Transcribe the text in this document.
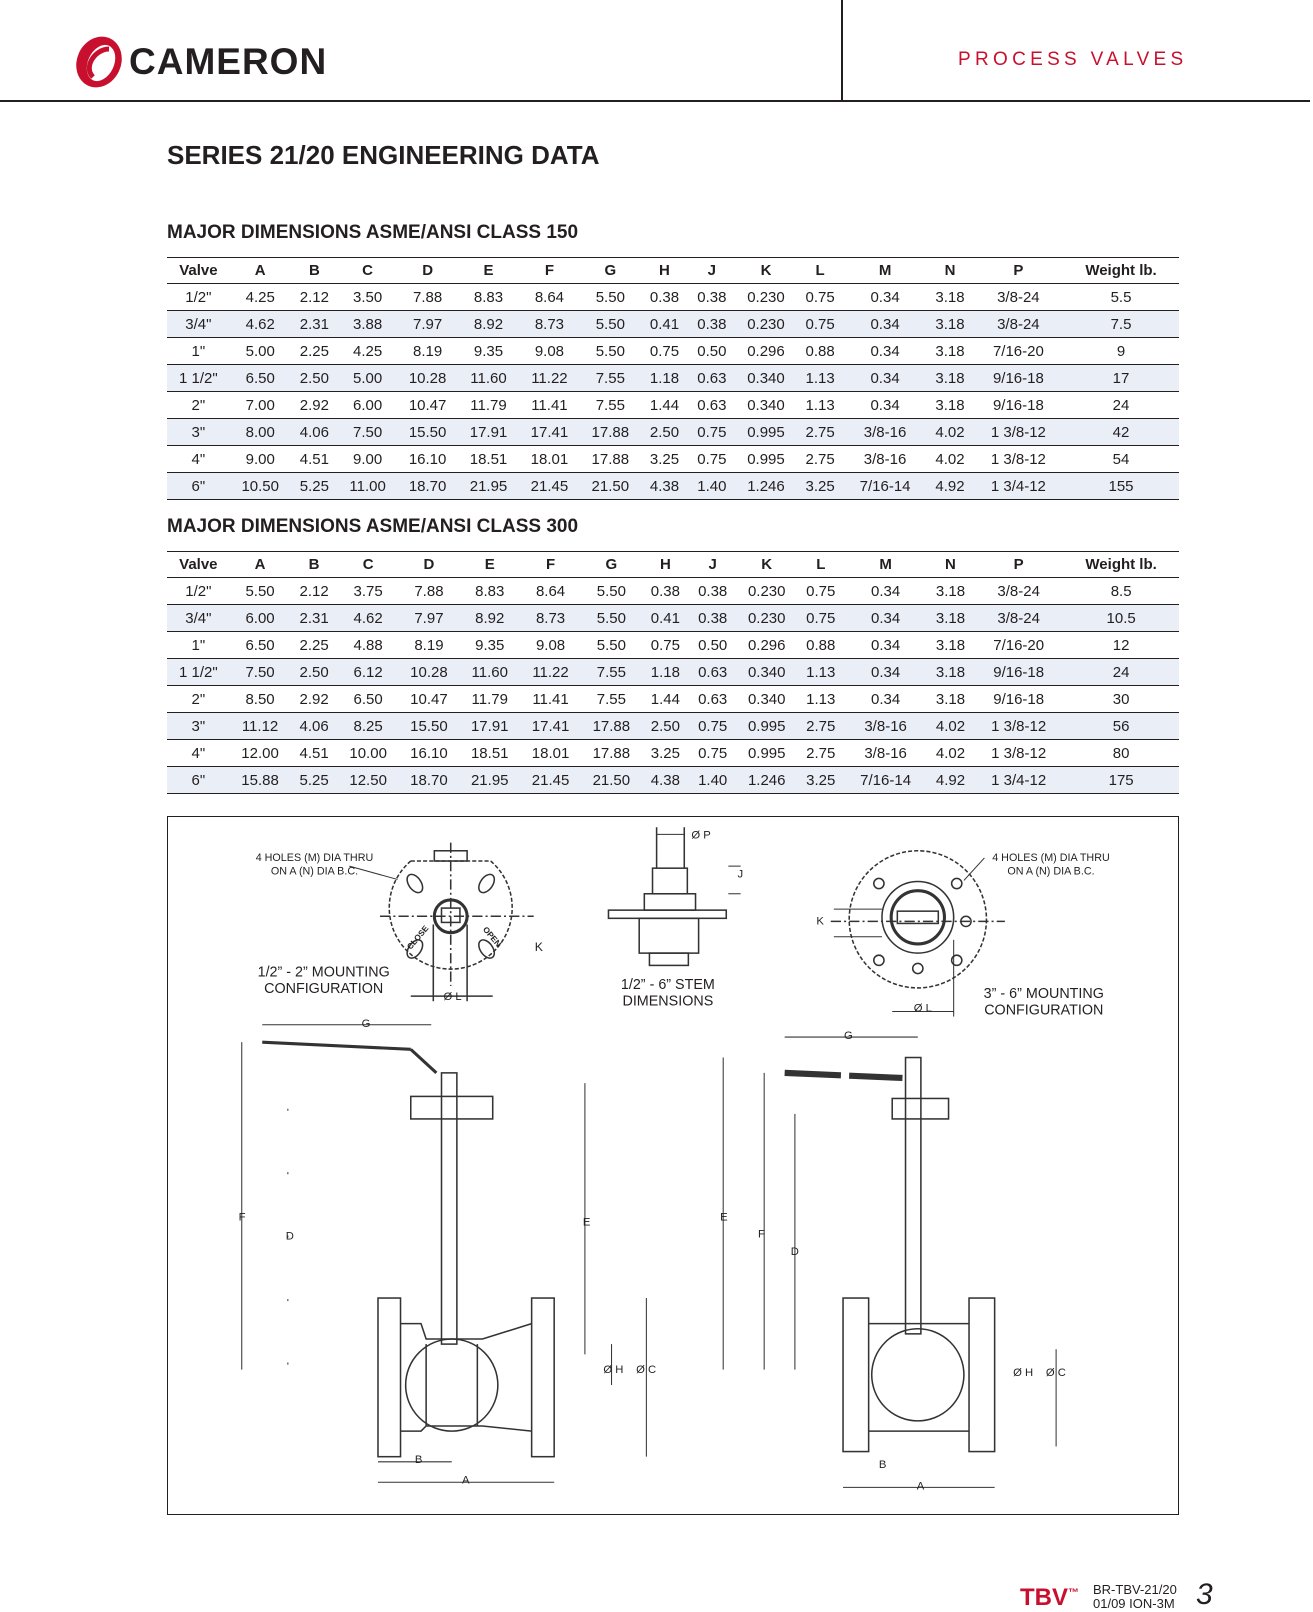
CAMERON	PROCESS VALVES
SERIES 21/20 ENGINEERING DATA
MAJOR DIMENSIONS ASME/ANSI CLASS 150
Valve	A	B	C	D	E	F	G	H	J	K	L	M	N	P	Weight lb.
1/2"	4.25	2.12	3.50	7.88	8.83	8.64	5.50	0.38	0.38	0.230	0.75	0.34	3.18	3/8-24	5.5
3/4"	4.62	2.31	3.88	7.97	8.92	8.73	5.50	0.41	0.38	0.230	0.75	0.34	3.18	3/8-24	7.5
1"	5.00	2.25	4.25	8.19	9.35	9.08	5.50	0.75	0.50	0.296	0.88	0.34	3.18	7/16-20	9
1 1/2"	6.50	2.50	5.00	10.28	11.60	11.22	7.55	1.18	0.63	0.340	1.13	0.34	3.18	9/16-18	17
2"	7.00	2.92	6.00	10.47	11.79	11.41	7.55	1.44	0.63	0.340	1.13	0.34	3.18	9/16-18	24
3"	8.00	4.06	7.50	15.50	17.91	17.41	17.88	2.50	0.75	0.995	2.75	3/8-16	4.02	1 3/8-12	42
4"	9.00	4.51	9.00	16.10	18.51	18.01	17.88	3.25	0.75	0.995	2.75	3/8-16	4.02	1 3/8-12	54
6"	10.50	5.25	11.00	18.70	21.95	21.45	21.50	4.38	1.40	1.246	3.25	7/16-14	4.92	1 3/4-12	155
MAJOR DIMENSIONS ASME/ANSI CLASS 300
Valve	A	B	C	D	E	F	G	H	J	K	L	M	N	P	Weight lb.
1/2"	5.50	2.12	3.75	7.88	8.83	8.64	5.50	0.38	0.38	0.230	0.75	0.34	3.18	3/8-24	8.5
3/4"	6.00	2.31	4.62	7.97	8.92	8.73	5.50	0.41	0.38	0.230	0.75	0.34	3.18	3/8-24	10.5
1"	6.50	2.25	4.88	8.19	9.35	9.08	5.50	0.75	0.50	0.296	0.88	0.34	3.18	7/16-20	12
1 1/2"	7.50	2.50	6.12	10.28	11.60	11.22	7.55	1.18	0.63	0.340	1.13	0.34	3.18	9/16-18	24
2"	8.50	2.92	6.50	10.47	11.79	11.41	7.55	1.44	0.63	0.340	1.13	0.34	3.18	9/16-18	30
3"	11.12	4.06	8.25	15.50	17.91	17.41	17.88	2.50	0.75	0.995	2.75	3/8-16	4.02	1 3/8-12	56
4"	12.00	4.51	10.00	16.10	18.51	18.01	17.88	3.25	0.75	0.995	2.75	3/8-16	4.02	1 3/8-12	80
6"	15.88	5.25	12.50	18.70	21.95	21.45	21.50	4.38	1.40	1.246	3.25	7/16-14	4.92	1 3/4-12	175
4 HOLES (M) DIA THRU
ON A (N) DIA B.C.
CLOSE	OPEN	K
Ø L
1/2” - 2” MOUNTING
CONFIGURATION
Ø P
J
1/2” - 6” STEM
DIMENSIONS
4 HOLES (M) DIA THRU
ON A (N) DIA B.C.
K
Ø L
3” - 6” MOUNTING
CONFIGURATION
G
F
D
E
Ø H Ø C
B
A
G
E
F
D
Ø H Ø C
B
A
TBV™ BR-TBV-21/20
01/09 ION-3M 3
